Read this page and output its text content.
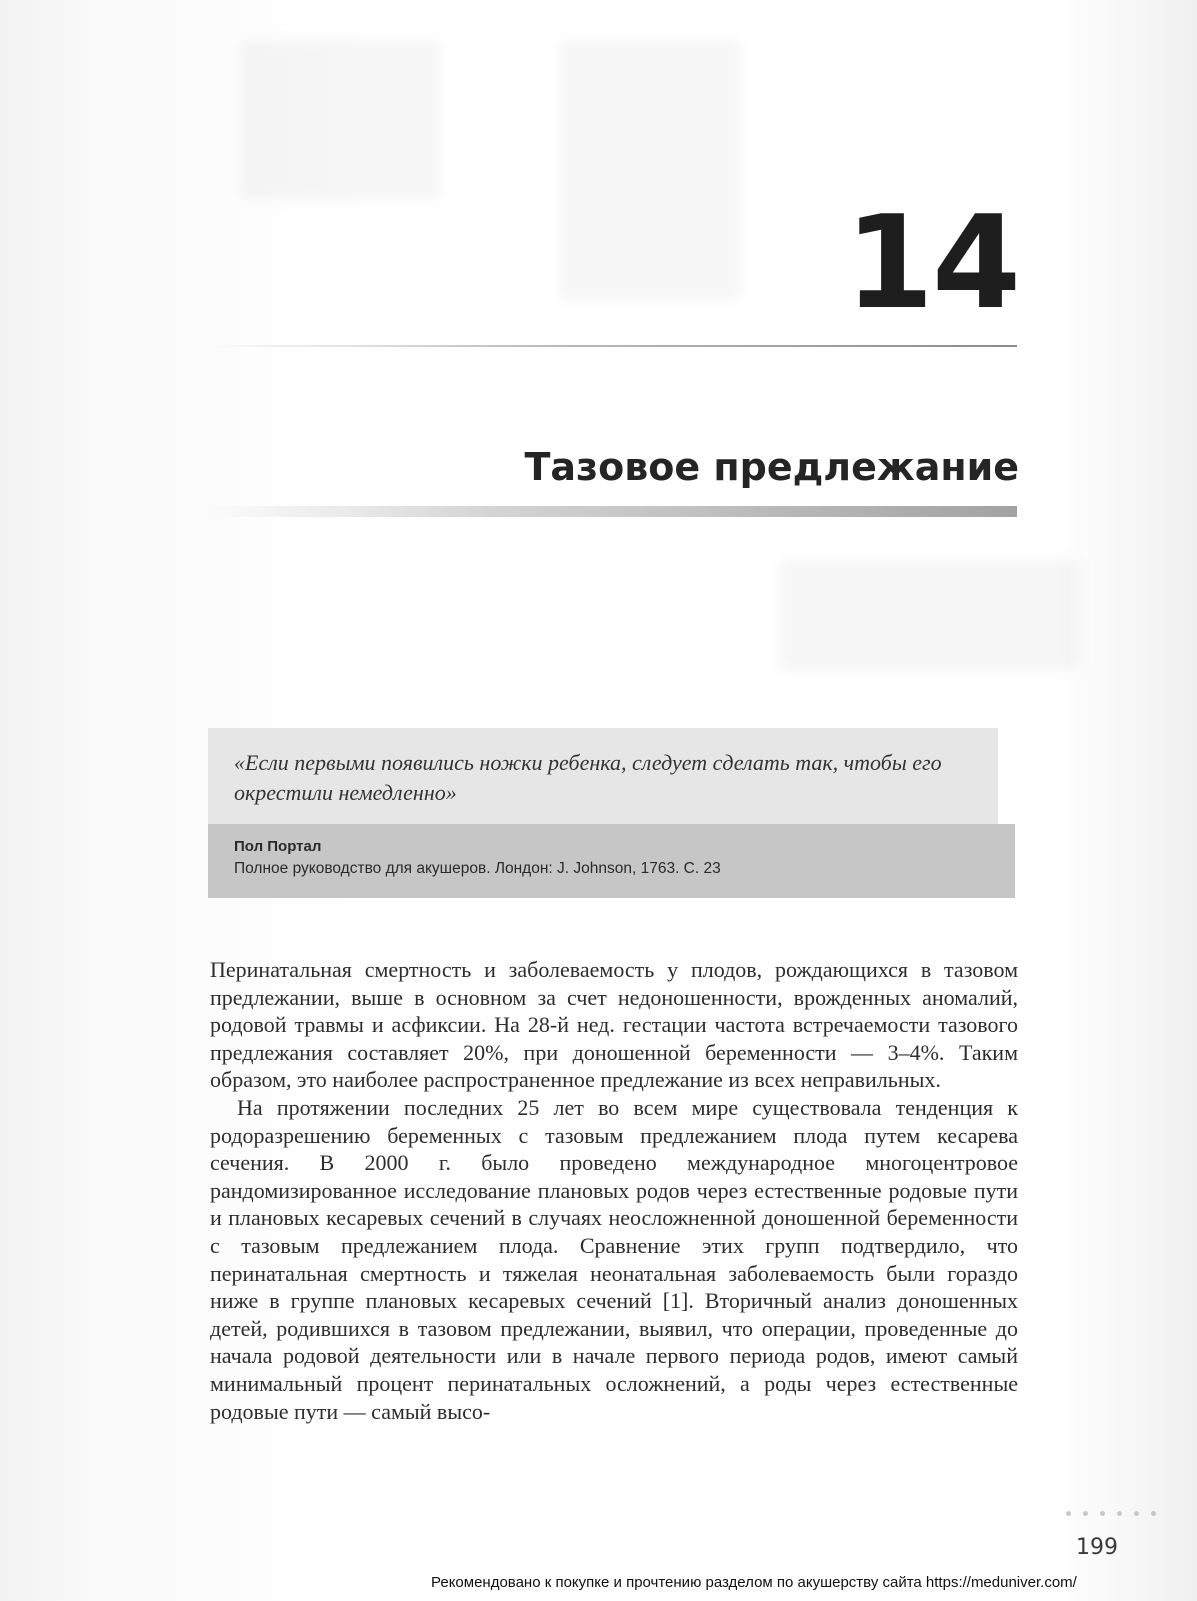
14
Тазовое предлежание
«Если первыми появились ножки ребенка, следует сделать так, чтобы его окрестили немедленно»
Пол Портал
Полное руководство для акушеров. Лондон: J. Johnson, 1763. С. 23

Перинатальная смертность и заболеваемость у плодов, рождающихся в тазовом предлежании, выше в основном за счет недоношенности, врожденных аномалий, родовой травмы и асфиксии. На 28-й нед. гестации частота встречаемости тазового предлежания составляет 20%, при доношенной беременности — 3–4%. Таким образом, это наиболее распространенное предлежание из всех неправильных.

На протяжении последних 25 лет во всем мире существовала тенденция к родоразрешению беременных с тазовым предлежанием плода путем кесарева сечения. В 2000 г. было проведено международное многоцентровое рандомизированное исследование плановых родов через естественные родовые пути и плановых кесаревых сечений в случаях неосложненной доношенной беременности с тазовым предлежанием плода. Сравнение этих групп подтвердило, что перинатальная смертность и тяжелая неонатальная заболеваемость были гораздо ниже в группе плановых кесаревых сечений [1]. Вторичный анализ доношенных детей, родившихся в тазовом предлежании, выявил, что операции, проведенные до начала родовой деятельности или в начале первого периода родов, имеют самый минимальный процент перинатальных осложнений, а роды через естественные родовые пути — самый высо-

199
Рекомендовано к покупке и прочтению разделом по акушерству сайта https://meduniver.com/
